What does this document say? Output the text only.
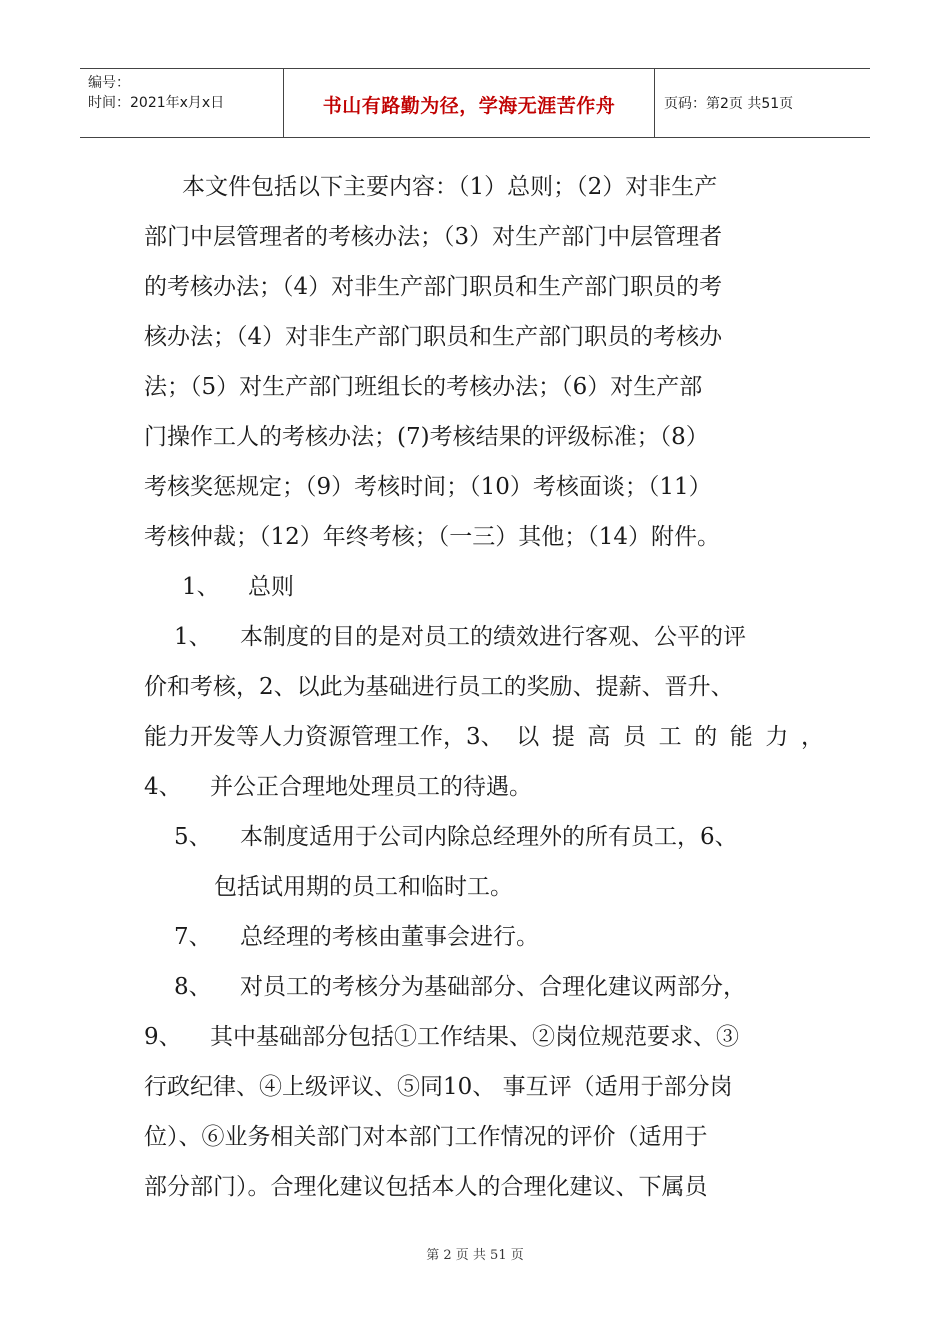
编号：
时间：2021年x月x日	书山有路勤为径，学海无涯苦作舟	页码：第2页 共51页
本文件包括以下主要内容：（1）总则；（2）对非生产
部门中层管理者的考核办法；（3）对生产部门中层管理者
的考核办法；（4）对非生产部门职员和生产部门职员的考
核办法；（4）对非生产部门职员和生产部门职员的考核办
法；（5）对生产部门班组长的考核办法；（6）对生产部
门操作工人的考核办法；(7)考核结果的评级标准；（8）
考核奖惩规定；（9）考核时间；（10）考核面谈；（11）
考核仲裁；（12）年终考核；（一三）其他；（14）附件。
1、 总则
1、 本制度的目的是对员工的绩效进行客观、公平的评
价和考核，2、以此为基础进行员工的奖励、提薪、晋升、
能力开发等人力资源管理工作，3、 以 提 高 员 工 的 能 力 ，
4、 并公正合理地处理员工的待遇。
5、 本制度适用于公司内除总经理外的所有员工，6、
包括试用期的员工和临时工。
7、 总经理的考核由董事会进行。
8、 对员工的考核分为基础部分、合理化建议两部分，
9、 其中基础部分包括①工作结果、②岗位规范要求、③
行政纪律、④上级评议、⑤同10、 事互评（适用于部分岗
位）、⑥业务相关部门对本部门工作情况的评价（适用于
部分部门）。合理化建议包括本人的合理化建议、下属员
第 2 页 共 51 页
